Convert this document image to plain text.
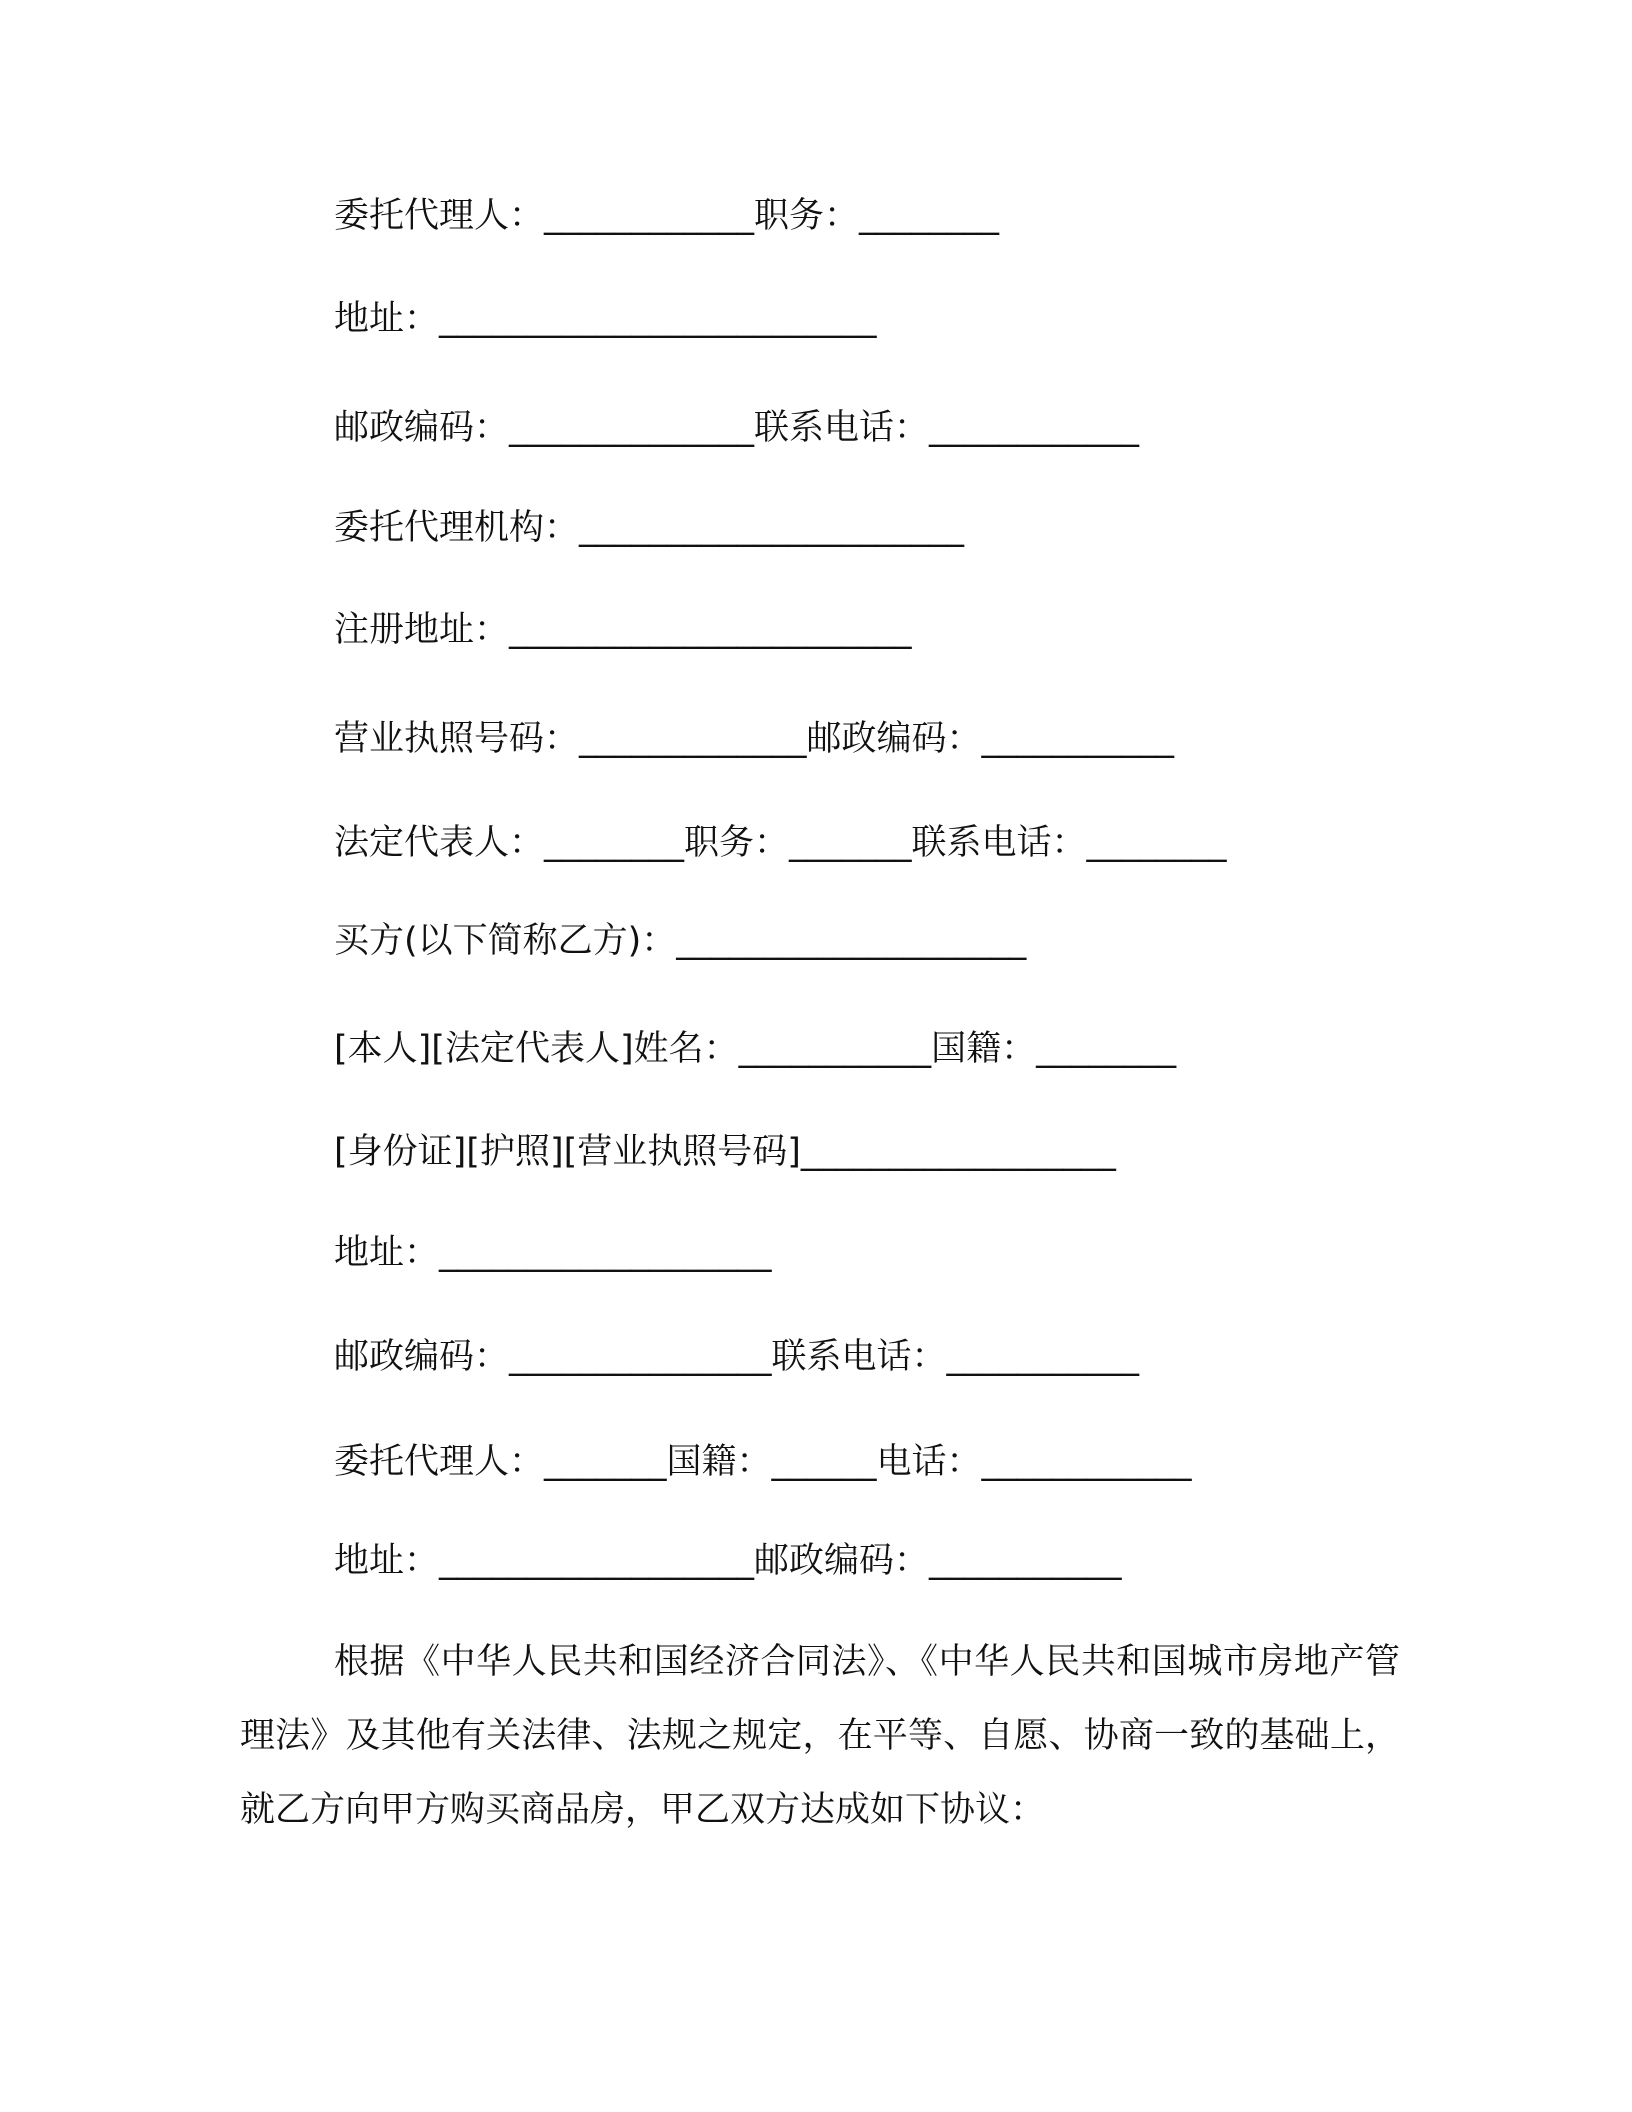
委托代理人：____________职务：________

地址：_________________________

邮政编码：______________联系电话：____________

委托代理机构：______________________

注册地址：_______________________

营业执照号码：_____________邮政编码：___________

法定代表人：________职务：_______联系电话：________

买方(以下简称乙方)：____________________

[本人][法定代表人]姓名：___________国籍：________

[身份证][护照][营业执照号码]__________________

地址：___________________

邮政编码：_______________联系电话：___________

委托代理人：_______国籍：______电话：____________

地址：__________________邮政编码：___________

根据《中华人民共和国经济合同法》、《中华人民共和国城市房地产管理法》及其他有关法律、法规之规定，在平等、自愿、协商一致的基础上，就乙方向甲方购买商品房，甲乙双方达成如下协议：
